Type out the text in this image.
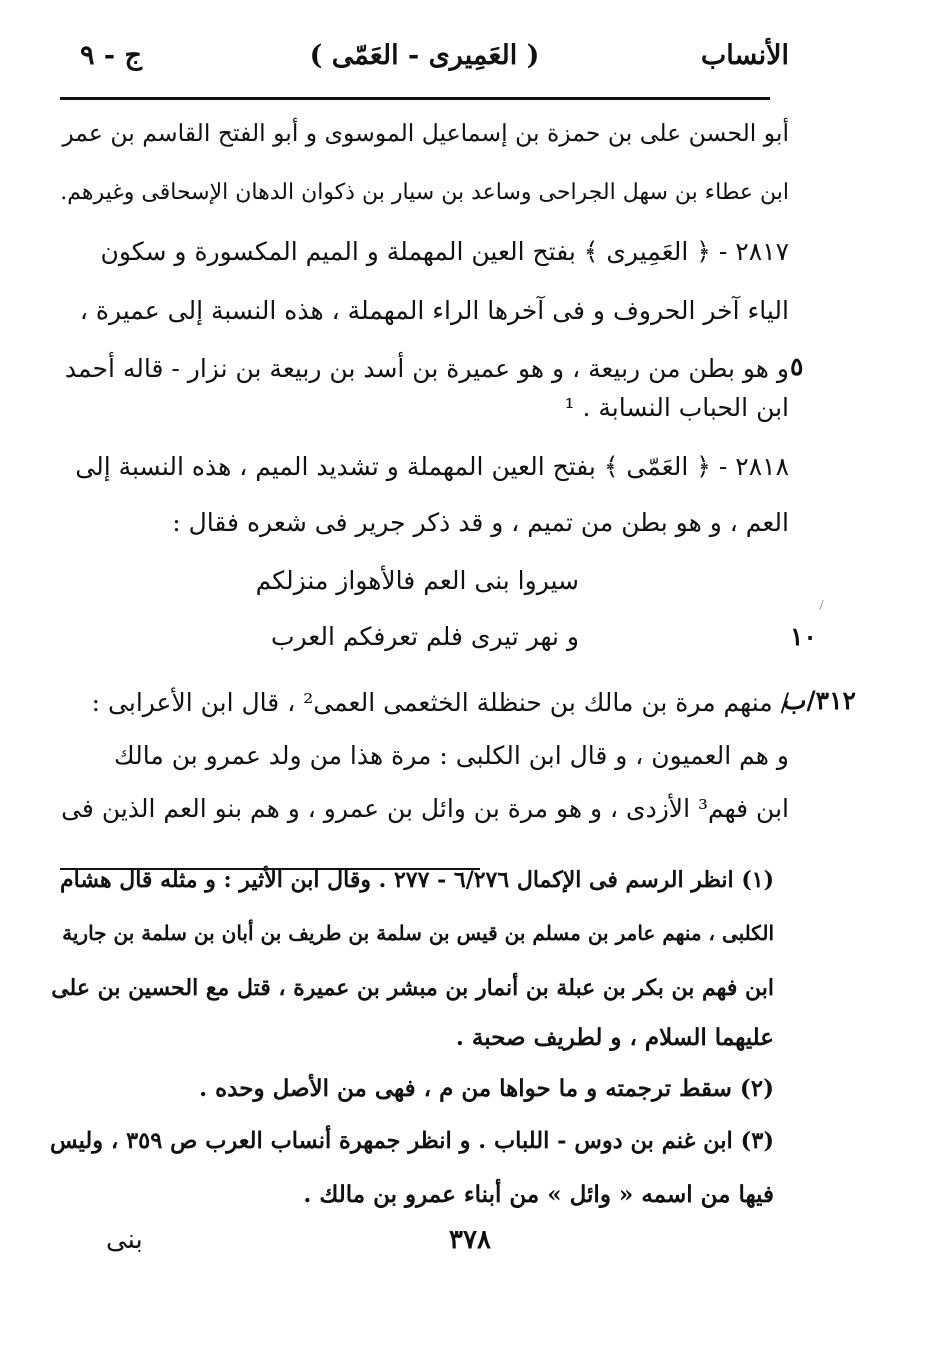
الأنساب
( العَمِيرى - العَمّى )
ج - ٩
أبو الحسن على بن حمزة بن إسماعيل الموسوى و أبو الفتح القاسم بن عمر
ابن عطاء بن سهل الجراحى وساعد بن سيار بن ذكوان الدهان الإسحاقى وغيرهم.
٢٨١٧ - ﴿ العَمِيرى ﴾ بفتح العين المهملة و الميم المكسورة و سكون
الياء آخر الحروف و فى آخرها الراء المهملة ، هذه النسبة إلى عميرة ،
و هو بطن من ربيعة ، و هو عميرة بن أسد بن ربيعة بن نزار - قاله أحمد ٥
ابن الحباب النسابة . ¹
٢٨١٨ - ﴿ العَمّى ﴾ بفتح العين المهملة و تشديد الميم ، هذه النسبة إلى
العم ، و هو بطن من تميم ، و قد ذكر جرير فى شعره فقال :
سيروا بنى العم فالأهواز منزلكم
و نهر تيرى فلم تعرفكم العرب	١٠
/ منهم مرة بن مالك بن حنظلة الخثعمى العمى² ، قال ابن الأعرابى :
٣١٢/ب
و هم العميون ، و قال ابن الكلبى : مرة هذا من ولد عمرو بن مالك
ابن فهم³ الأزدى ، و هو مرة بن وائل بن عمرو ، و هم بنو العم الذين فى
(١) انظر الرسم فى الإكمال ٦/٢٧٦ - ٢٧٧ . وقال ابن الأثير : و مثله قال هشام
الكلبى ، منهم عامر بن مسلم بن قيس بن سلمة بن طريف بن أبان بن سلمة بن جارية
ابن فهم بن بكر بن عبلة بن أنمار بن مبشر بن عميرة ، قتل مع الحسين بن على
عليهما السلام ، و لطريف صحبة .
(٢) سقط ترجمته و ما حواها من م ، فهى من الأصل وحده .
(٣) ابن غنم بن دوس - اللباب . و انظر جمهرة أنساب العرب ص ٣٥٩ ، وليس
فيها من اسمه « وائل » من أبناء عمرو بن مالك .
٣٧٨
بنى
